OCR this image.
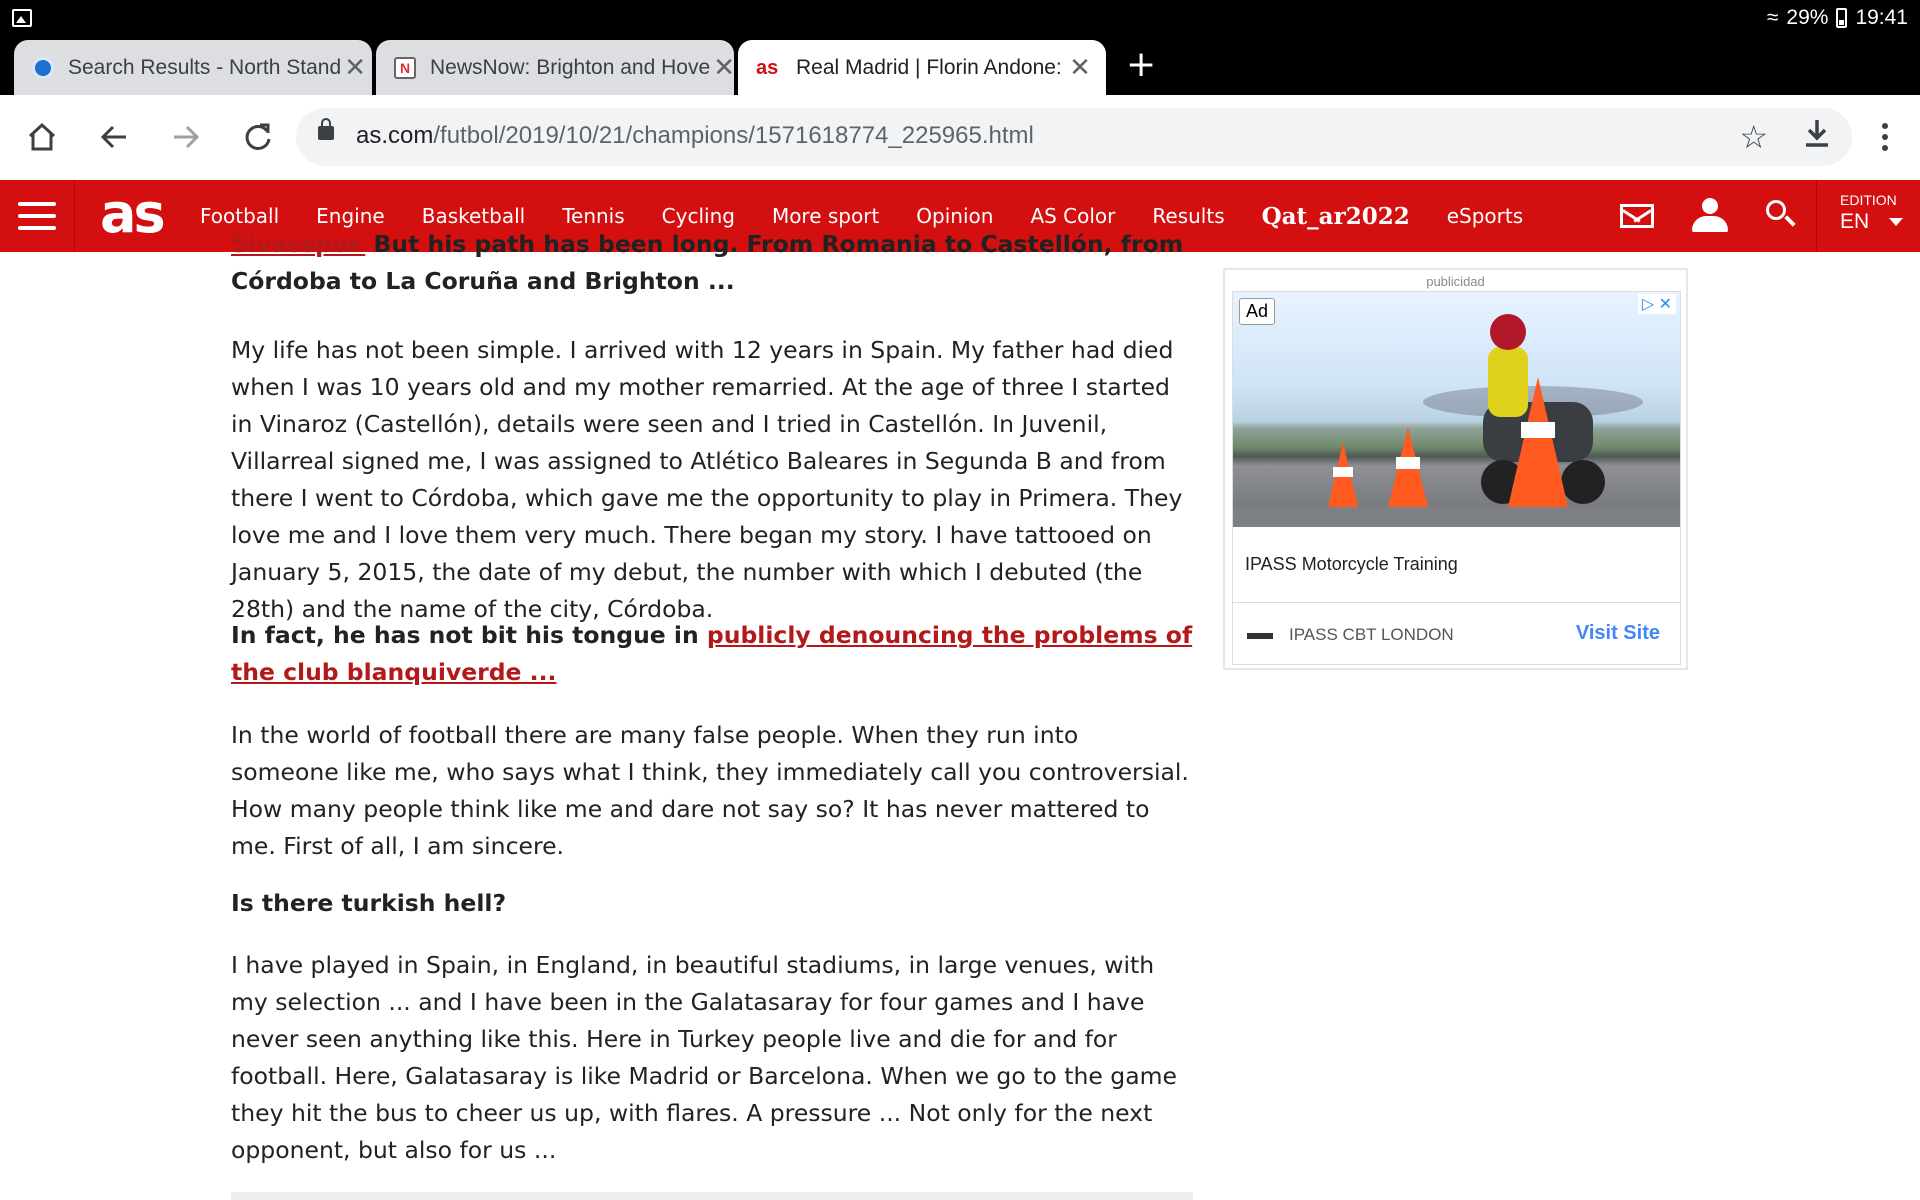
≈ 29% 19:41
Search Results - North Stand ✕	N NewsNow: Brighton and Hove ✕ as Real Madrid | Florin Andone: ✕ +
as.com/futbol/2019/10/21/champions/1571618774_225965.html	☆
as Football Engine Basketball Tennis Cycling More sport Opinion AS Color Results Qat_ar2022 eSports
EDITION
EN

Sivasspor. But his path has been long. From Romania to Castellón, from Córdoba to La Coruña and Brighton ...

My life has not been simple. I arrived with 12 years in Spain. My father had died when I was 10 years old and my mother remarried. At the age of three I started in Vinaroz (Castellón), details were seen and I tried in Castellón. In Juvenil, Villarreal signed me, I was assigned to Atlético Baleares in Segunda B and from there I went to Córdoba, which gave me the opportunity to play in Primera. They love me and I love them very much. There began my story. I have tattooed on January 5, 2015, the date of my debut, the number with which I debuted (the 28th) and the name of the city, Córdoba.

In fact, he has not bit his tongue in publicly denouncing the problems of the club blanquiverde ...

In the world of football there are many false people. When they run into someone like me, who says what I think, they immediately call you controversial. How many people think like me and dare not say so? It has never mattered to me. First of all, I am sincere.

Is there turkish hell?

I have played in Spain, in England, in beautiful stadiums, in large venues, with my selection ... and I have been in the Galatasaray for four games and I have never seen anything like this. Here in Turkey people live and die for and for football. Here, Galatasaray is like Madrid or Barcelona. When we go to the game they hit the bus to cheer us up, with flares. A pressure ... Not only for the next opponent, but also for us ...

publicidad
Ad	▷ ✕
IPASS Motorcycle Training
IPASS CBT LONDON	Visit Site
